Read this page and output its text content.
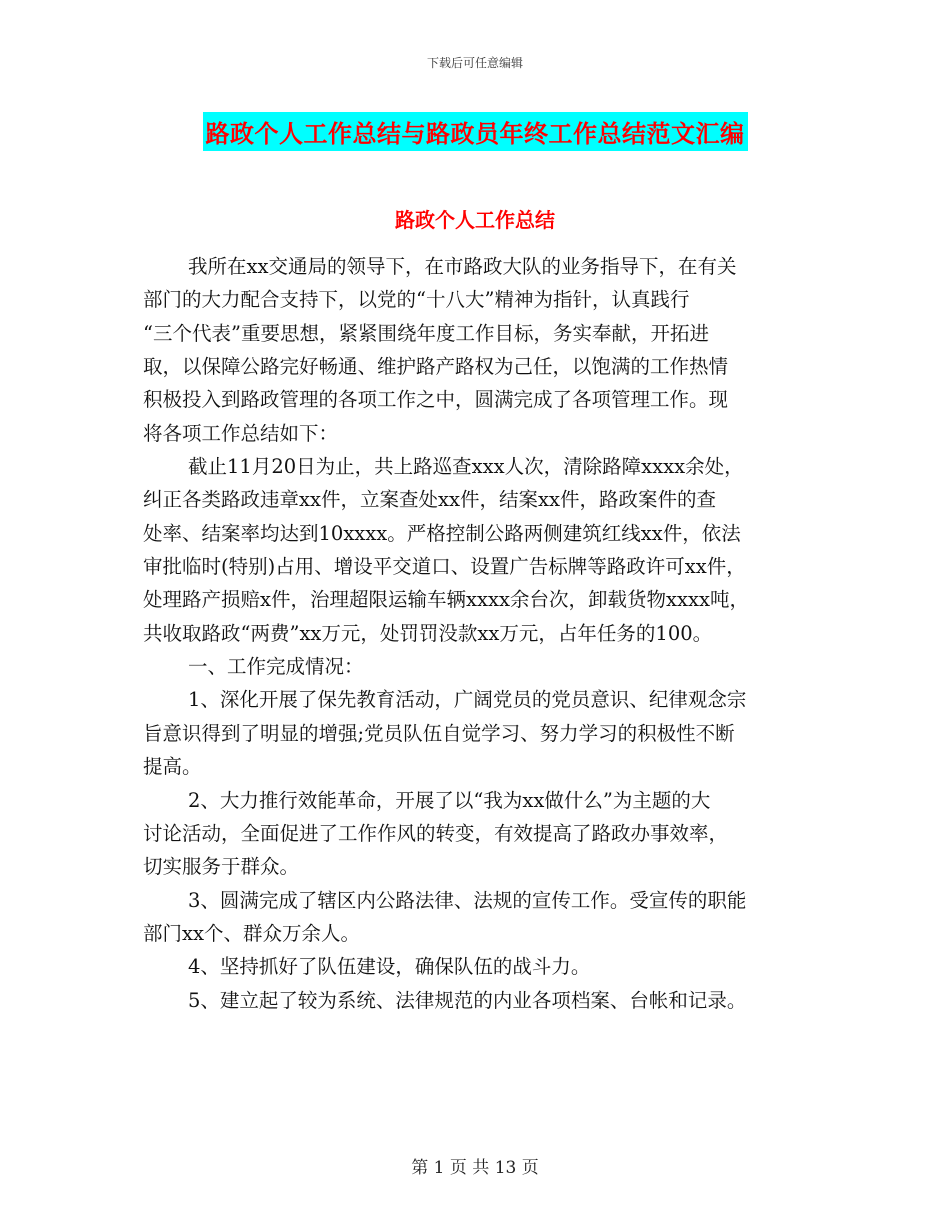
下载后可任意编辑
路政个人工作总结与路政员年终工作总结范文汇编
路政个人工作总结
我所在xx交通局的领导下，在市路政大队的业务指导下，在有关
部门的大力配合支持下，以党的“十八大”精神为指针，认真践行
“三个代表”重要思想，紧紧围绕年度工作目标，务实奉献，开拓进
取，以保障公路完好畅通、维护路产路权为己任，以饱满的工作热情
积极投入到路政管理的各项工作之中，圆满完成了各项管理工作。现
将各项工作总结如下：
截止11月20日为止，共上路巡查xxx人次，清除路障xxxx余处，
纠正各类路政违章xx件，立案查处xx件，结案xx件，路政案件的查
处率、结案率均达到10xxxx。严格控制公路两侧建筑红线xx件，依法
审批临时(特别)占用、增设平交道口、设置广告标牌等路政许可xx件，
处理路产损赔x件，治理超限运输车辆xxxx余台次，卸载货物xxxx吨，
共收取路政“两费”xx万元，处罚罚没款xx万元，占年任务的100。
一、工作完成情况：
1、深化开展了保先教育活动，广阔党员的党员意识、纪律观念宗
旨意识得到了明显的增强;党员队伍自觉学习、努力学习的积极性不断
提高。
2、大力推行效能革命，开展了以“我为xx做什么”为主题的大
讨论活动，全面促进了工作作风的转变，有效提高了路政办事效率，
切实服务于群众。
3、圆满完成了辖区内公路法律、法规的宣传工作。受宣传的职能
部门xx个、群众万余人。
4、坚持抓好了队伍建设，确保队伍的战斗力。
5、建立起了较为系统、法律规范的内业各项档案、台帐和记录。
第 1 页 共 13 页
